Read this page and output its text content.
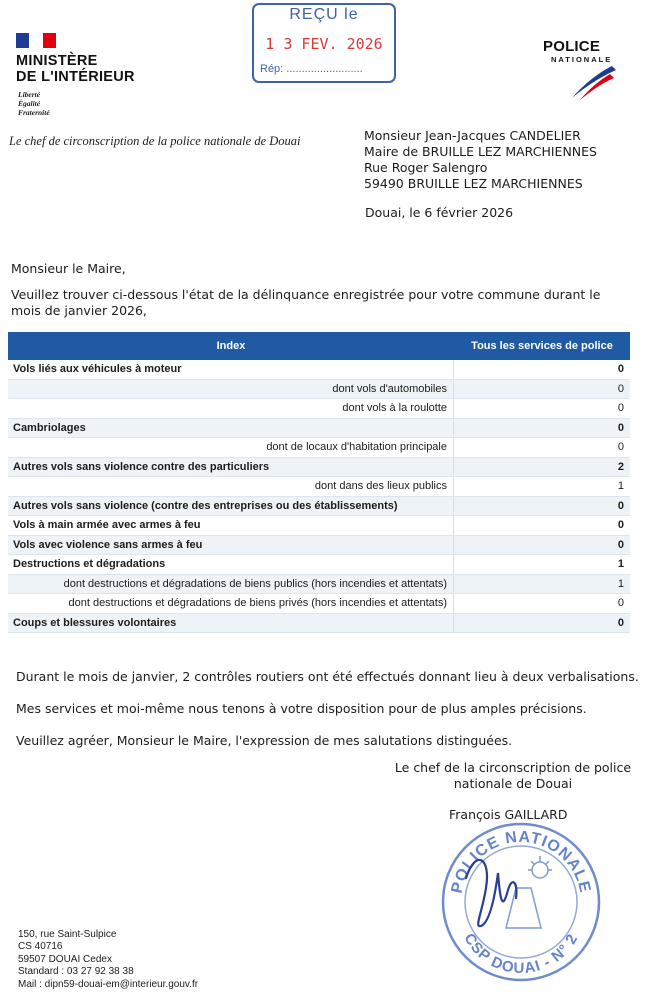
MINISTÈRE
DE L'INTÉRIEUR
Liberté
Égalité
Fraternité
REÇU le
1 3 FEV. 2026
Rép: .........................
POLICE
NATIONALE
Le chef de circonscription de la police nationale de Douai	Monsieur Jean-Jacques CANDELIER
Maire de BRUILLE LEZ MARCHIENNES
Rue Roger Salengro
59490 BRUILLE LEZ MARCHIENNES
Douai, le 6 février 2026
Monsieur le Maire,
Veuillez trouver ci-dessous l'état de la délinquance enregistrée pour votre commune durant le mois de janvier 2026,
Index	Tous les services de police
Vols liés aux véhicules à moteur	0
dont vols d'automobiles	0
dont vols à la roulotte	0
Cambriolages	0
dont de locaux d'habitation principale	0
Autres vols sans violence contre des particuliers	2
dont dans des lieux publics	1
Autres vols sans violence (contre des entreprises ou des établissements)	0
Vols à main armée avec armes à feu	0
Vols avec violence sans armes à feu	0
Destructions et dégradations	1
dont destructions et dégradations de biens publics (hors incendies et attentats)	1
dont destructions et dégradations de biens privés (hors incendies et attentats)	0
Coups et blessures volontaires	0
Durant le mois de janvier, 2 contrôles routiers ont été effectués donnant lieu à deux verbalisations.
Mes services et moi-même nous tenons à votre disposition pour de plus amples précisions.
Veuillez agréer, Monsieur le Maire, l'expression de mes salutations distinguées.
Le chef de la circonscription de police
nationale de Douai
François GAILLARD
POLICE NATIONALE
CSP DOUAI - N° 2
150, rue Saint-Sulpice
CS 40716
59507 DOUAI Cedex
Standard : 03 27 92 38 38
Mail : dipn59-douai-em@interieur.gouv.fr
